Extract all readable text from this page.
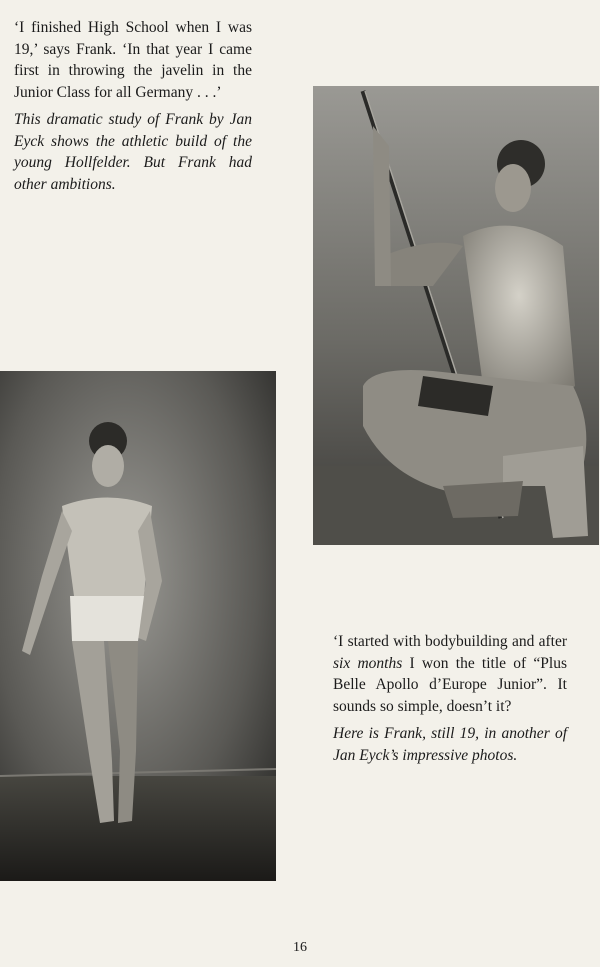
‘I finished High School when I was 19,’ says Frank. ‘In that year I came first in throwing the javelin in the Junior Class for all Germany . . .’

This dramatic study of Frank by Jan Eyck shows the athletic build of the young Hollfelder. But Frank had other ambitions.

‘I started with bodybuilding and after six months I won the title of “Plus Belle Apollo d’Europe Junior”. It sounds so simple, doesn’t it?

Here is Frank, still 19, in another of Jan Eyck’s impressive photos.

16
